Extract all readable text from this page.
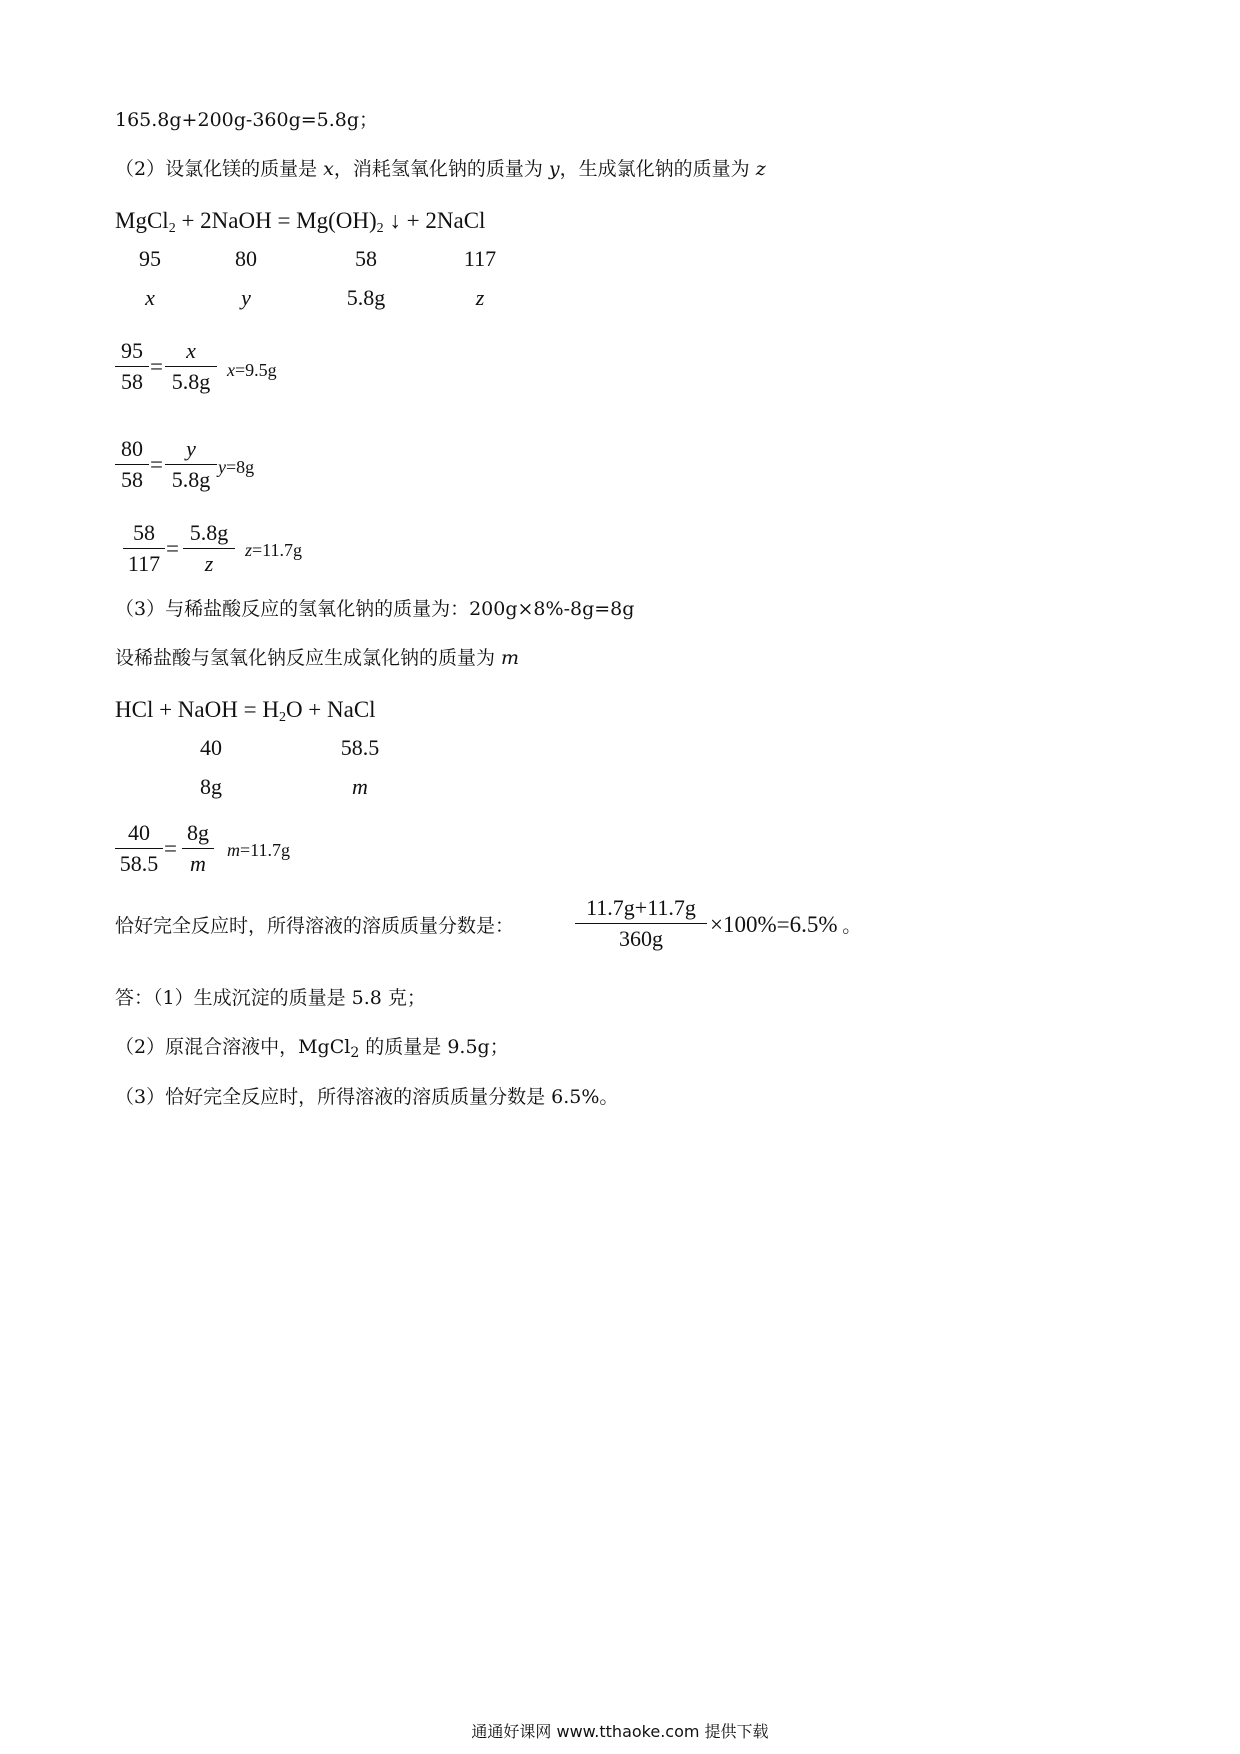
165.8g+200g-360g=5.8g；
（2）设氯化镁的质量是 x，消耗氢氧化钠的质量为 y，生成氯化钠的质量为 z
MgCl$_2$ + 2NaOH = $Mg(OH)_2$ ↓ + 2NaCl
95	80	58	117
x	y	5.8g	z
95
58
=
x
5.8g x=9.5g
80
58
=
y
5.8g y=8g
58
117
=
5.8g
z
z=11.7g
（3）与稀盐酸反应的氢氧化钠的质量为：200g×8%-8g=8g
设稀盐酸与氢氧化钠反应生成氯化钠的质量为 m
HCl + NaOH = $H_2O$ + NaCl
40	58.5
8g	m
40
58.5
=
8g
m
m=11.7g
恰好完全反应时，所得溶液的溶质质量分数是：
11.7g+11.7g
360g
×100%=6.5% 。
答：（1）生成沉淀的质量是 5.8 克；
（2）原混合溶液中，MgCl$_2$ 的质量是 9.5g；
（3）恰好完全反应时，所得溶液的溶质质量分数是 6.5%。
通通好课网 www.tthaoke.com 提供下载
